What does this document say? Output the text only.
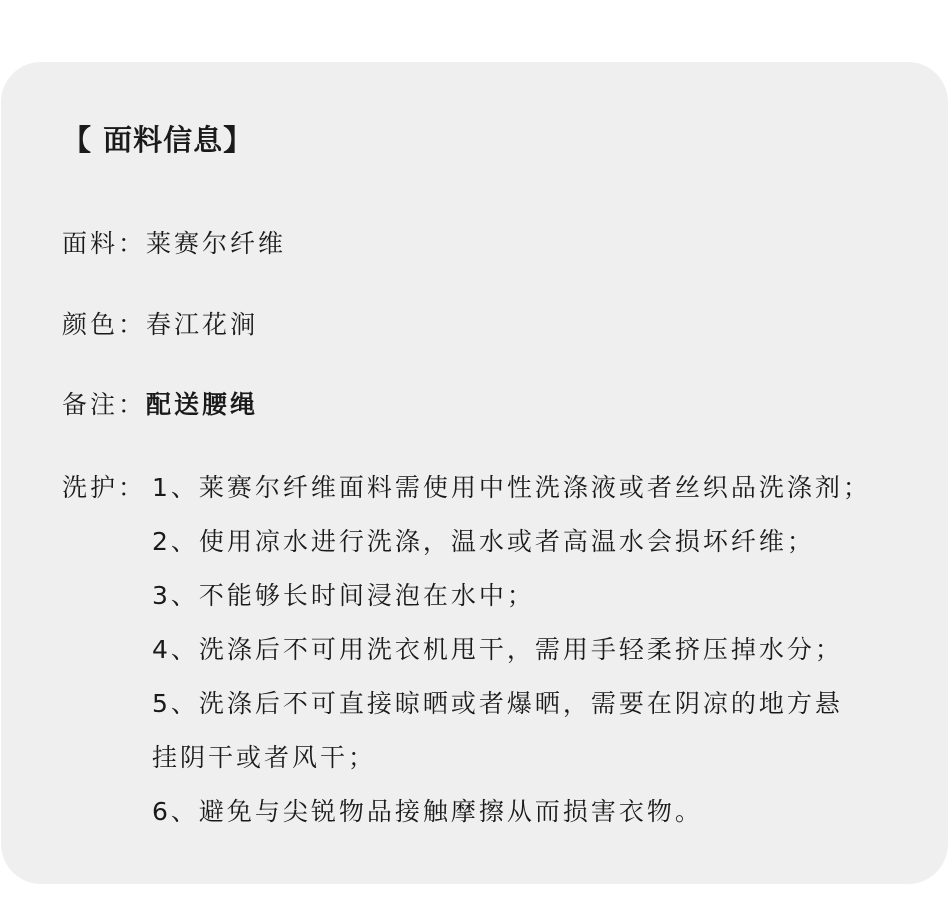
【 面料信息】
面料：莱赛尔纤维
颜色：春江花涧
备注：配送腰绳
洗护： 1、莱赛尔纤维面料需使用中性洗涤液或者丝织品洗涤剂；
2、使用凉水进行洗涤，温水或者高温水会损坏纤维；
3、不能够长时间浸泡在水中；
4、洗涤后不可用洗衣机甩干，需用手轻柔挤压掉水分；
5、洗涤后不可直接晾晒或者爆晒，需要在阴凉的地方悬
挂阴干或者风干；
6、避免与尖锐物品接触摩擦从而损害衣物。
